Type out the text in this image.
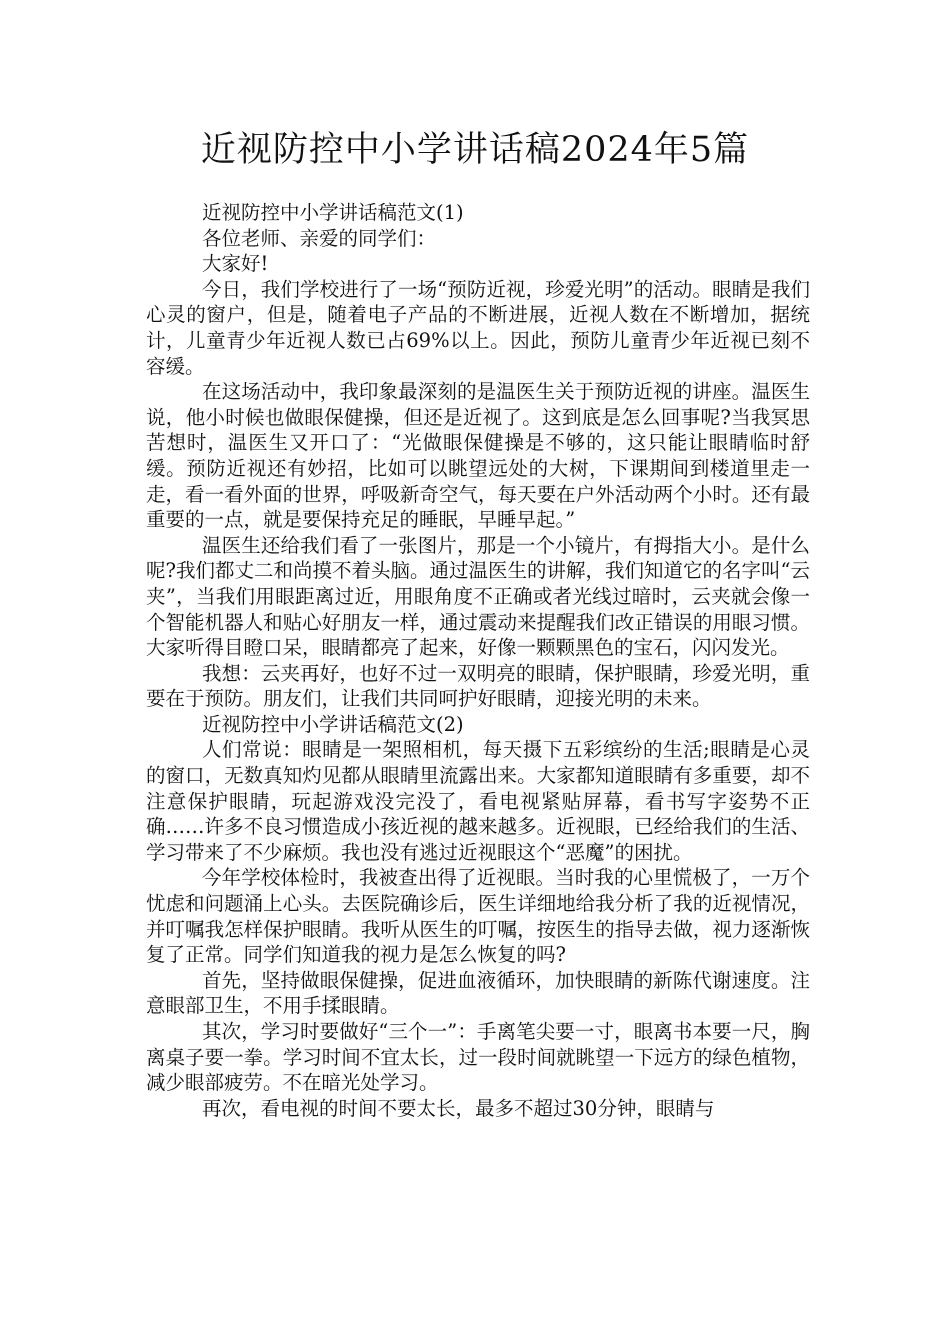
近视防控中小学讲话稿2024年5篇

近视防控中小学讲话稿范文(1)

各位老师、亲爱的同学们：

大家好!

今日，我们学校进行了一场“预防近视，珍爱光明”的活动。眼睛是我们心灵的窗户，但是，随着电子产品的不断进展，近视人数在不断增加，据统计，儿童青少年近视人数已占69%以上。因此，预防儿童青少年近视已刻不容缓。

在这场活动中，我印象最深刻的是温医生关于预防近视的讲座。温医生说，他小时候也做眼保健操，但还是近视了。这到底是怎么回事呢?当我冥思苦想时，温医生又开口了：“光做眼保健操是不够的，这只能让眼睛临时舒缓。预防近视还有妙招，比如可以眺望远处的大树，下课期间到楼道里走一走，看一看外面的世界，呼吸新奇空气，每天要在户外活动两个小时。还有最重要的一点，就是要保持充足的睡眠，早睡早起。”

温医生还给我们看了一张图片，那是一个小镜片，有拇指大小。是什么呢?我们都丈二和尚摸不着头脑。通过温医生的讲解，我们知道它的名字叫“云夹”，当我们用眼距离过近，用眼角度不正确或者光线过暗时，云夹就会像一个智能机器人和贴心好朋友一样，通过震动来提醒我们改正错误的用眼习惯。大家听得目瞪口呆，眼睛都亮了起来，好像一颗颗黑色的宝石，闪闪发光。

我想：云夹再好，也好不过一双明亮的眼睛，保护眼睛，珍爱光明，重要在于预防。朋友们，让我们共同呵护好眼睛，迎接光明的未来。

近视防控中小学讲话稿范文(2)

人们常说：眼睛是一架照相机，每天摄下五彩缤纷的生活;眼睛是心灵的窗口，无数真知灼见都从眼睛里流露出来。大家都知道眼睛有多重要，却不注意保护眼睛，玩起游戏没完没了，看电视紧贴屏幕，看书写字姿势不正确……许多不良习惯造成小孩近视的越来越多。近视眼，已经给我们的生活、学习带来了不少麻烦。我也没有逃过近视眼这个“恶魔”的困扰。

今年学校体检时，我被查出得了近视眼。当时我的心里慌极了，一万个忧虑和问题涌上心头。去医院确诊后，医生详细地给我分析了我的近视情况，并叮嘱我怎样保护眼睛。我听从医生的叮嘱，按医生的指导去做，视力逐渐恢复了正常。同学们知道我的视力是怎么恢复的吗?

首先，坚持做眼保健操，促进血液循环，加快眼睛的新陈代谢速度。注意眼部卫生，不用手揉眼睛。

其次，学习时要做好“三个一”：手离笔尖要一寸，眼离书本要一尺，胸离桌子要一拳。学习时间不宜太长，过一段时间就眺望一下远方的绿色植物，减少眼部疲劳。不在暗光处学习。

再次，看电视的时间不要太长，最多不超过30分钟，眼睛与
